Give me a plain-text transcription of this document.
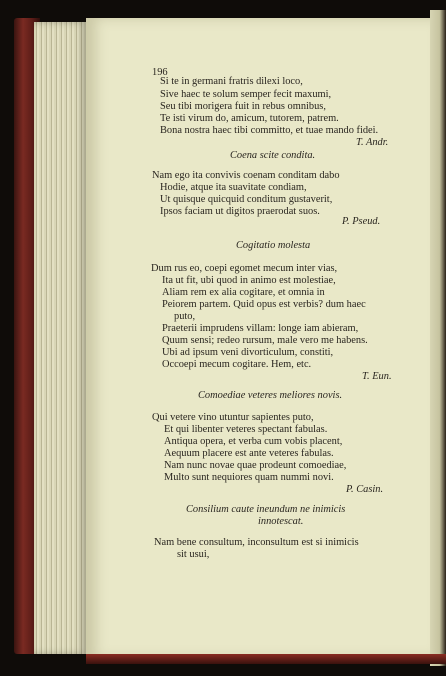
196
Si te in germani fratris dilexi loco,
Sive haec te solum semper fecit maxumi,
Seu tibi morigera fuit in rebus omnibus,
Te isti virum do, amicum, tutorem, patrem.
Bona nostra haec tibi committo, et tuae mando fidei.
T. Andr.
Coena scite condita.
Nam ego ita convivis coenam conditam dabo
Hodie, atque ita suavitate condiam,
Ut quisque quicquid conditum gustaverit,
Ipsos faciam ut digitos praerodat suos.
P. Pseud.
Cogitatio molesta
Dum rus eo, coepi egomet mecum inter vias,
Ita ut fit, ubi quod in animo est molestiae,
Aliam rem ex alia cogitare, et omnia in
Peiorem partem. Quid opus est verbis? dum haec
puto,
Praeterii imprudens villam: longe iam abieram,
Quum sensi; redeo rursum, male vero me habens.
Ubi ad ipsum veni divorticulum, constiti,
Occoepi mecum cogitare. Hem, etc.
T. Eun.
Comoediae veteres meliores novis.
Qui vetere vino utuntur sapientes puto,
Et qui libenter veteres spectant fabulas.
Antiqua opera, et verba cum vobis placent,
Aequum placere est ante veteres fabulas.
Nam nunc novae quae prodeunt comoediae,
Multo sunt nequiores quam nummi novi.
P. Casin.
Consilium caute ineundum ne inimicis
innotescat.
Nam bene consultum, inconsultum est si inimicis
sit usui,
